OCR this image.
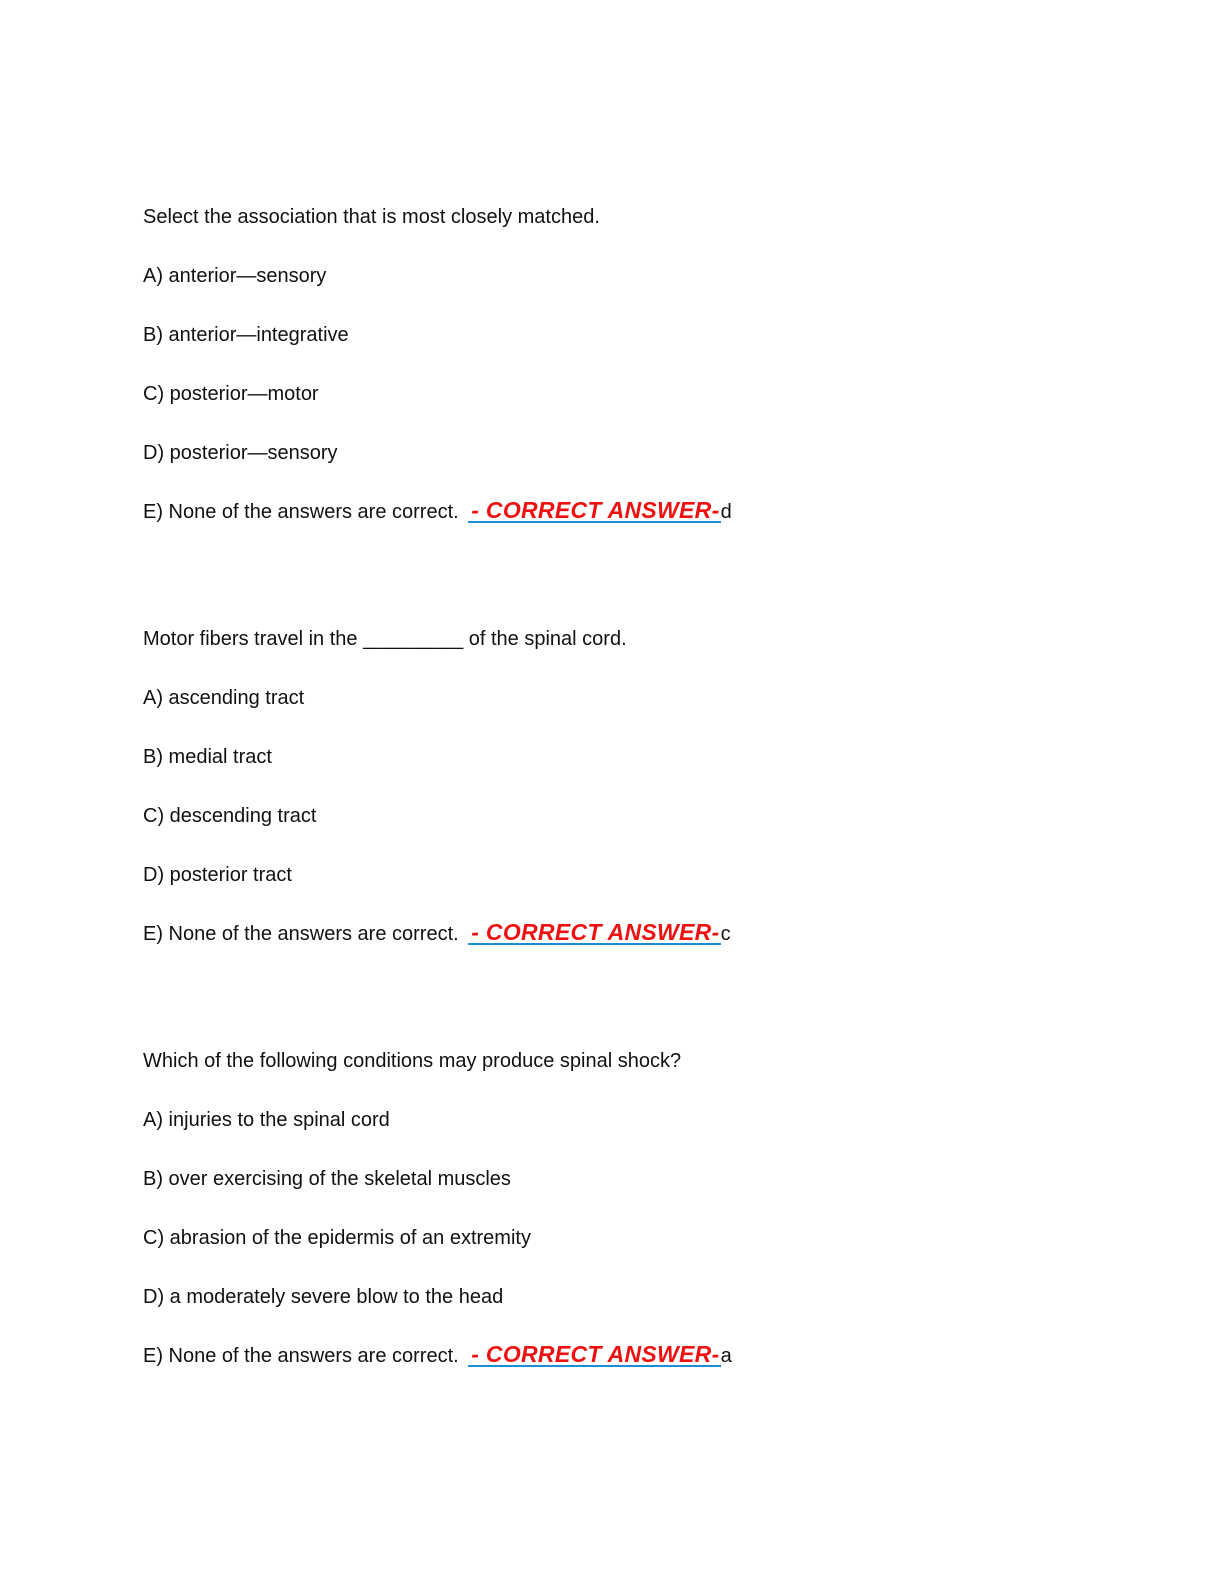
Select the association that is most closely matched.

A) anterior—sensory

B) anterior—integrative

C) posterior—motor

D) posterior—sensory

E) None of the answers are correct. - CORRECT ANSWER-d

Motor fibers travel in the _________ of the spinal cord.

A) ascending tract

B) medial tract

C) descending tract

D) posterior tract

E) None of the answers are correct. - CORRECT ANSWER-c

Which of the following conditions may produce spinal shock?

A) injuries to the spinal cord

B) over exercising of the skeletal muscles

C) abrasion of the epidermis of an extremity

D) a moderately severe blow to the head

E) None of the answers are correct. - CORRECT ANSWER-a
